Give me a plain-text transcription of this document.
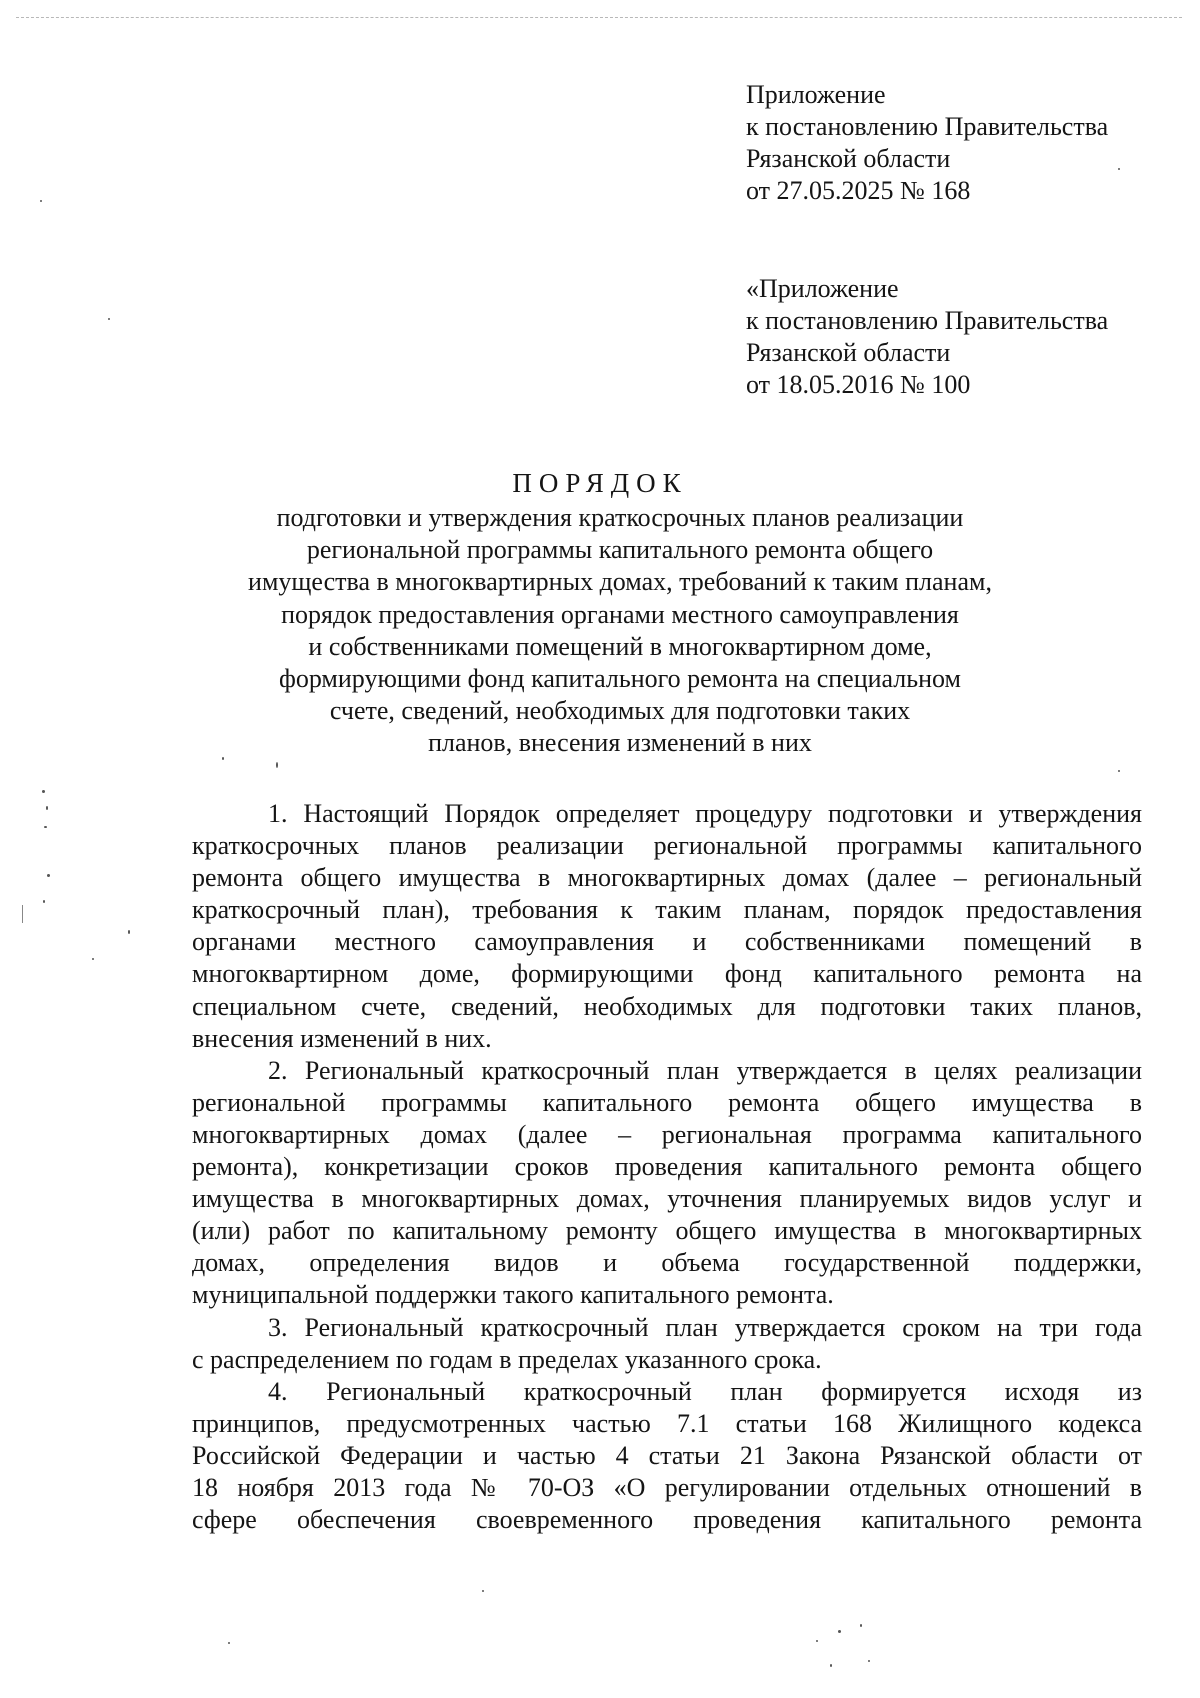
Приложение
к постановлению Правительства
Рязанской области
от 27.05.2025 № 168
«Приложение
к постановлению Правительства
Рязанской области
от 18.05.2016 № 100
ПОРЯДОК
подготовки и утверждения краткосрочных планов реализации
региональной программы капитального ремонта общего
имущества в многоквартирных домах, требований к таким планам,
порядок предоставления органами местного самоуправления
и собственниками помещений в многоквартирном доме,
формирующими фонд капитального ремонта на специальном
счете, сведений, необходимых для подготовки таких
планов, внесения изменений в них
1. Настоящий Порядок определяет процедуру подготовки и утверждения
краткосрочных планов реализации региональной программы капитального
ремонта общего имущества в многоквартирных домах (далее – региональный
краткосрочный план), требования к таким планам, порядок предоставления
органами местного самоуправления и собственниками помещений в
многоквартирном доме, формирующими фонд капитального ремонта на
специальном счете, сведений, необходимых для подготовки таких планов,
внесения изменений в них.
2. Региональный краткосрочный план утверждается в целях реализации
региональной программы капитального ремонта общего имущества в
многоквартирных домах (далее – региональная программа капитального
ремонта), конкретизации сроков проведения капитального ремонта общего
имущества в многоквартирных домах, уточнения планируемых видов услуг и
(или) работ по капитальному ремонту общего имущества в многоквартирных
домах, определения видов и объема государственной поддержки,
муниципальной поддержки такого капитального ремонта.
3. Региональный краткосрочный план утверждается сроком на три года
с распределением по годам в пределах указанного срока.
4. Региональный краткосрочный план формируется исходя из
принципов, предусмотренных частью 7.1 статьи 168 Жилищного кодекса
Российской Федерации и частью 4 статьи 21 Закона Рязанской области от
18 ноября 2013 года № 70-ОЗ «О регулировании отдельных отношений в
сфере обеспечения своевременного проведения капитального ремонта
